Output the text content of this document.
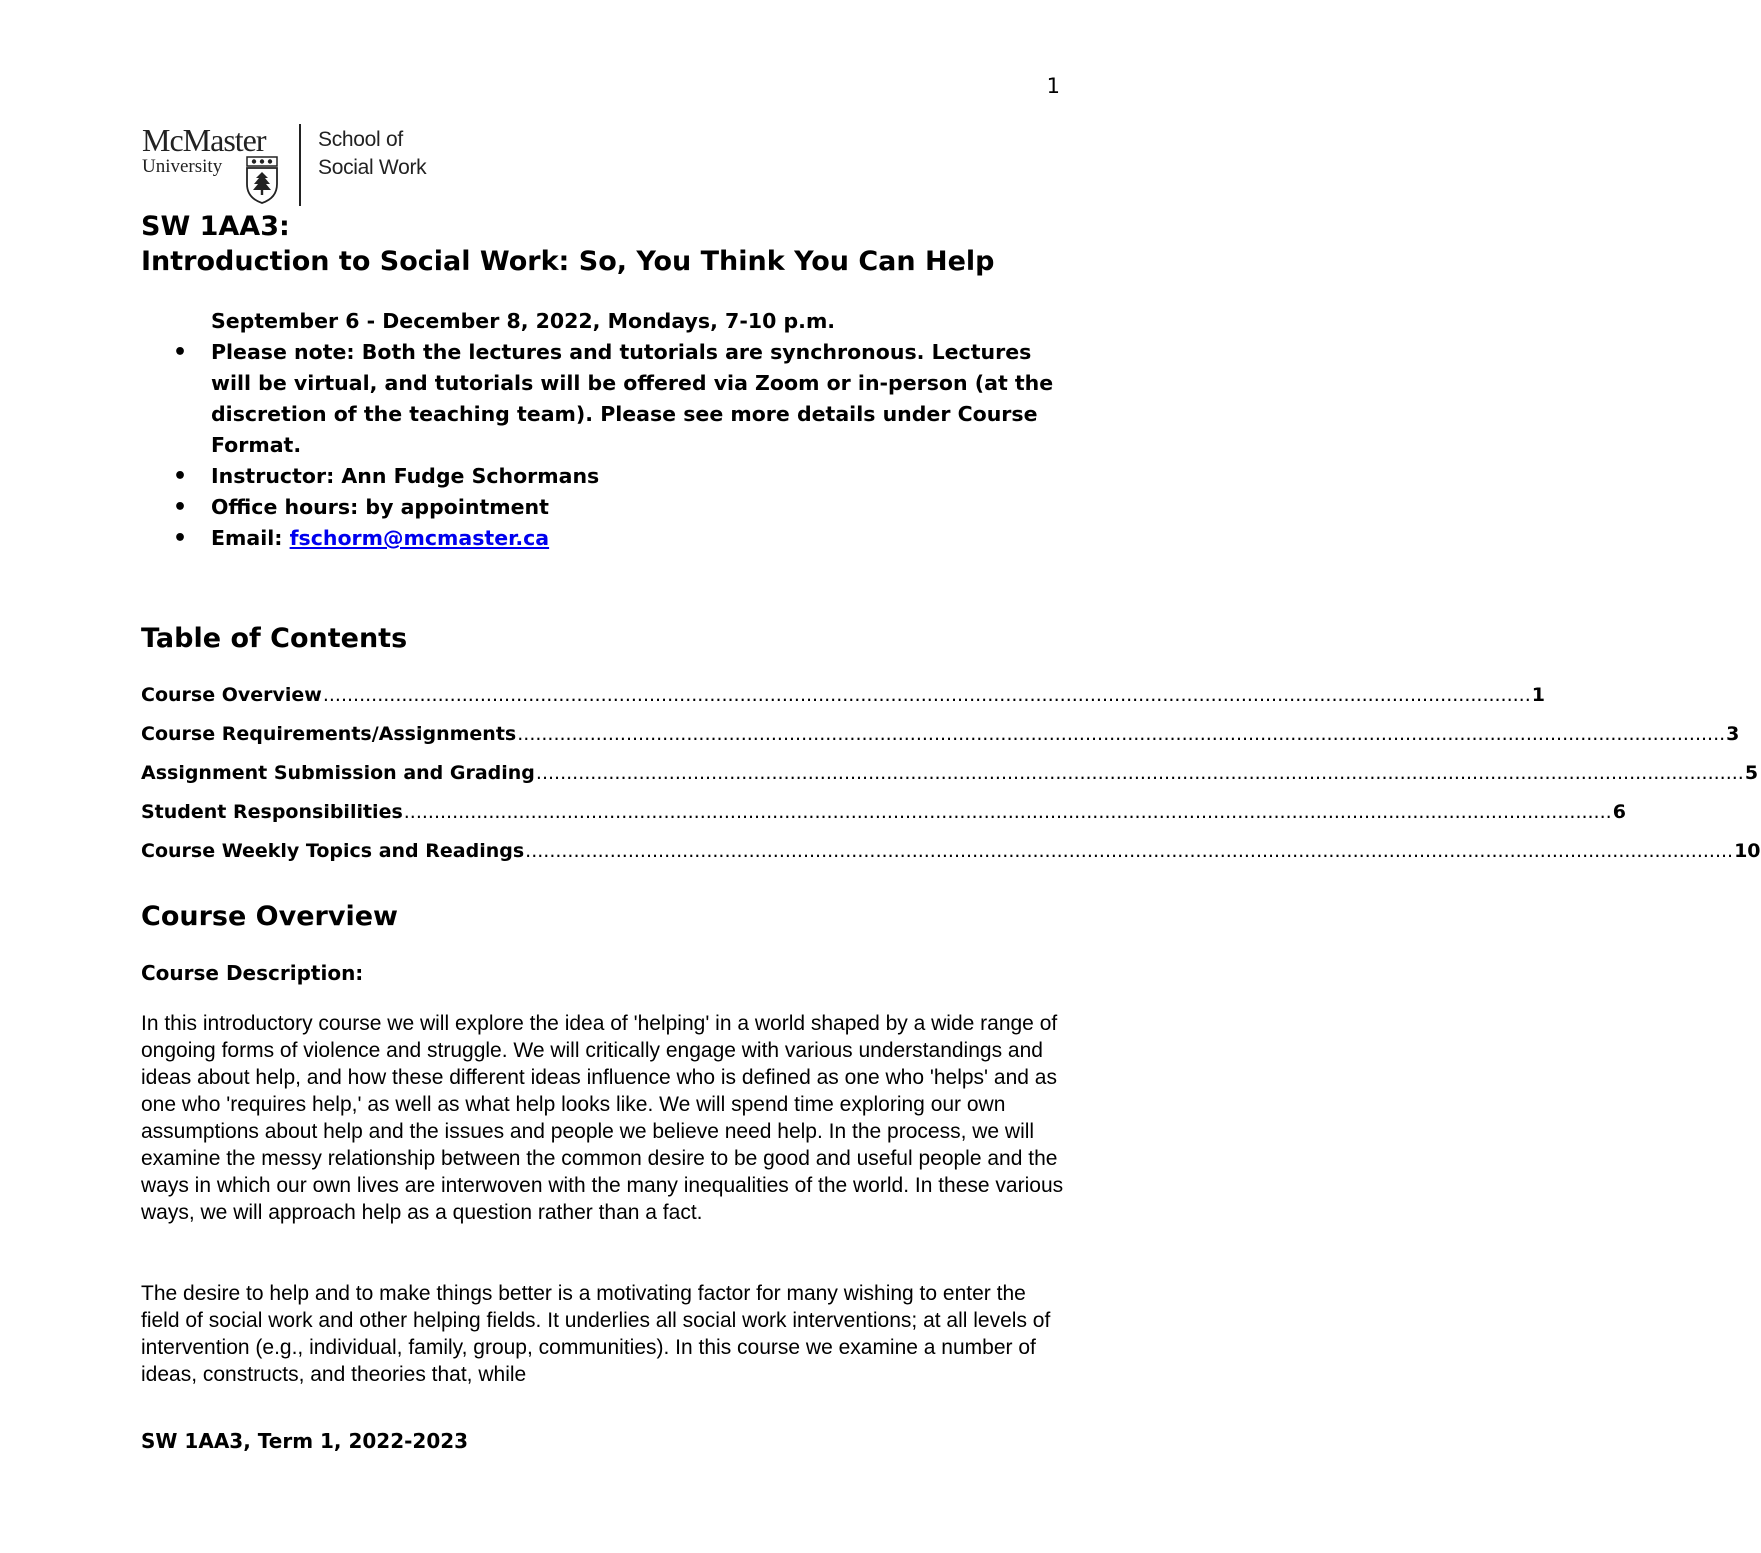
1
McMaster
University
School of
Social Work
SW 1AA3:
Introduction to Social Work: So, You Think You Can Help
September 6 - December 8, 2022, Mondays, 7-10 p.m.
• Please note: Both the lectures and tutorials are synchronous. Lectures will be virtual, and tutorials will be offered via Zoom or in-person (at the discretion of the teaching team). Please see more details under Course Format.
• Instructor: Ann Fudge Schormans
• Office hours: by appointment
• Email: fschorm@mcmaster.ca
Table of Contents
Course Overview ........................................................................................................................................................................................................ 1
Course Requirements/Assignments ........................................................................................................................................................................................................ 3
Assignment Submission and Grading ........................................................................................................................................................................................................ 5
Student Responsibilities ........................................................................................................................................................................................................ 6
Course Weekly Topics and Readings ........................................................................................................................................................................................................ 10
Course Overview
Course Description:

In this introductory course we will explore the idea of 'helping' in a world shaped by a wide range of ongoing forms of violence and struggle. We will critically engage with various understandings and ideas about help, and how these different ideas influence who is defined as one who 'helps' and as one who 'requires help,' as well as what help looks like. We will spend time exploring our own assumptions about help and the issues and people we believe need help. In the process, we will examine the messy relationship between the common desire to be good and useful people and the ways in which our own lives are interwoven with the many inequalities of the world. In these various ways, we will approach help as a question rather than a fact.

The desire to help and to make things better is a motivating factor for many wishing to enter the field of social work and other helping fields. It underlies all social work interventions; at all levels of intervention (e.g., individual, family, group, communities). In this course we examine a number of ideas, constructs, and theories that, while

SW 1AA3, Term 1, 2022-2023
